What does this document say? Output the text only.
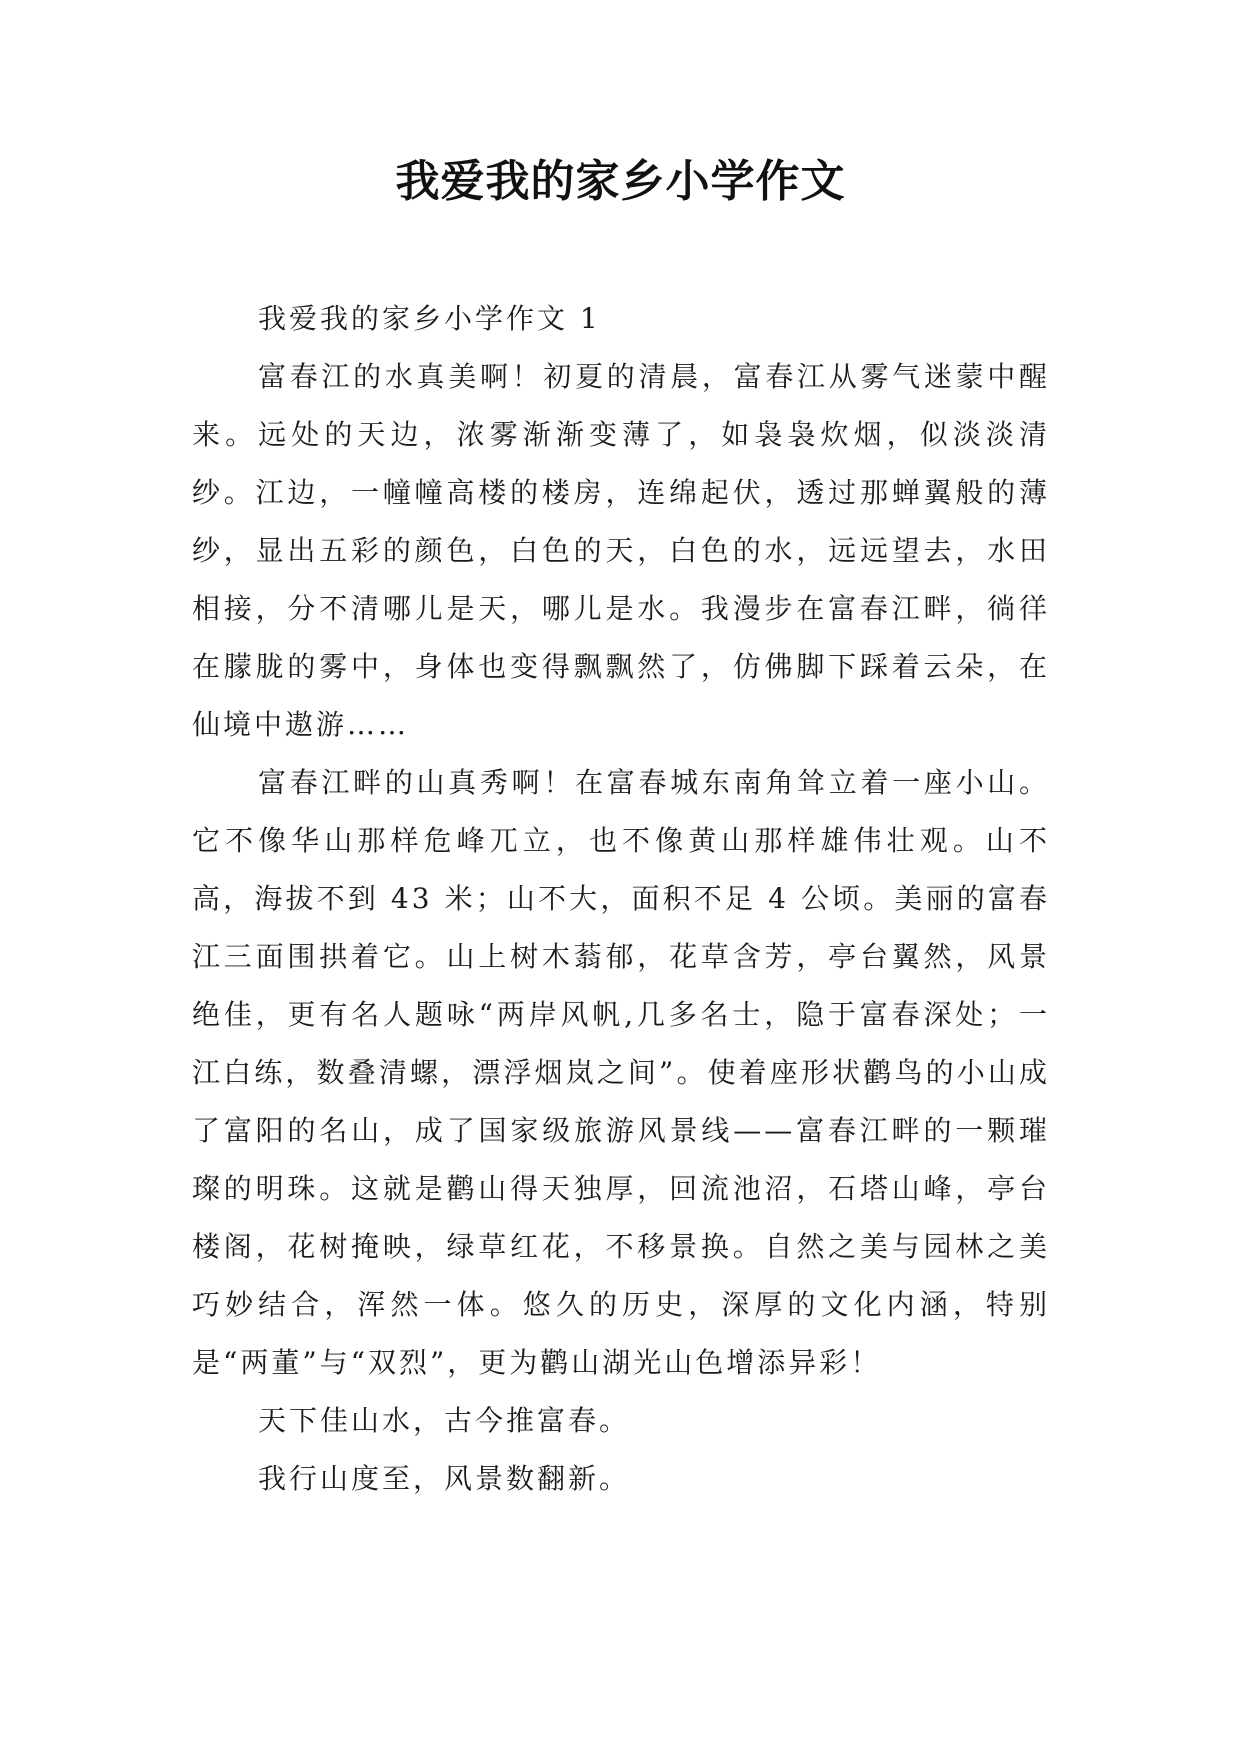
我爱我的家乡小学作文

我爱我的家乡小学作文 1

富春江的水真美啊！初夏的清晨，富春江从雾气迷蒙中醒来。远处的天边，浓雾渐渐变薄了，如袅袅炊烟，似淡淡清纱。江边，一幢幢高楼的楼房，连绵起伏，透过那蝉翼般的薄纱，显出五彩的颜色，白色的天，白色的水，远远望去，水田相接，分不清哪儿是天，哪儿是水。我漫步在富春江畔，徜徉在朦胧的雾中，身体也变得飘飘然了，仿佛脚下踩着云朵，在仙境中遨游……

富春江畔的山真秀啊！在富春城东南角耸立着一座小山。它不像华山那样危峰兀立，也不像黄山那样雄伟壮观。山不高，海拔不到 43 米；山不大，面积不足 4 公顷。美丽的富春江三面围拱着它。山上树木蓊郁，花草含芳，亭台翼然，风景绝佳，更有名人题咏“两岸风帆,几多名士，隐于富春深处；一江白练，数叠清螺，漂浮烟岚之间”。使着座形状鹳鸟的小山成了富阳的名山，成了国家级旅游风景线——富春江畔的一颗璀璨的明珠。这就是鹳山得天独厚，回流池沼，石塔山峰，亭台楼阁，花树掩映，绿草红花，不移景换。自然之美与园林之美巧妙结合，浑然一体。悠久的历史，深厚的文化内涵，特别是“两董”与“双烈”，更为鹳山湖光山色增添异彩！

天下佳山水，古今推富春。

我行山度至，风景数翻新。
